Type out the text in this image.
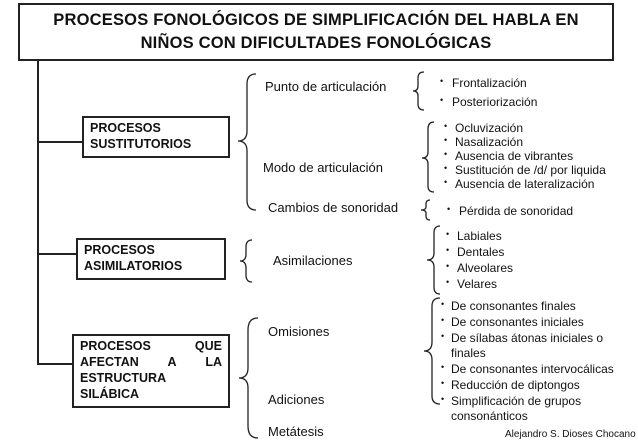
PROCESOS FONOLÓGICOS DE SIMPLIFICACIÓN DEL HABLA EN
NIÑOS CON DIFICULTADES FONOLÓGICAS
PROCESOS
SUSTITUTORIOS
PROCESOS
ASIMILATORIOS
PROCESOS	QUE
AFECTAN A LA
ESTRUCTURA
SILÁBICA
Punto de articulación
Modo de articulación
Cambios de sonoridad
Asimilaciones
Omisiones
Adiciones
Metátesis
• Frontalización
• Posteriorización
• Ocluvización
• Nasalización
• Ausencia de vibrantes
• Sustitución de /d/ por liquida
• Ausencia de lateralización
• Pérdida de sonoridad
• Labiales
• Dentales
• Alveolares
• Velares
• De consonantes finales
• De consonantes iniciales
• De sílabas átonas iniciales o
finales
• De consonantes intervocálicas
• Reducción de diptongos
• Simplificación de grupos
consonánticos
Alejandro S. Dioses Chocano
